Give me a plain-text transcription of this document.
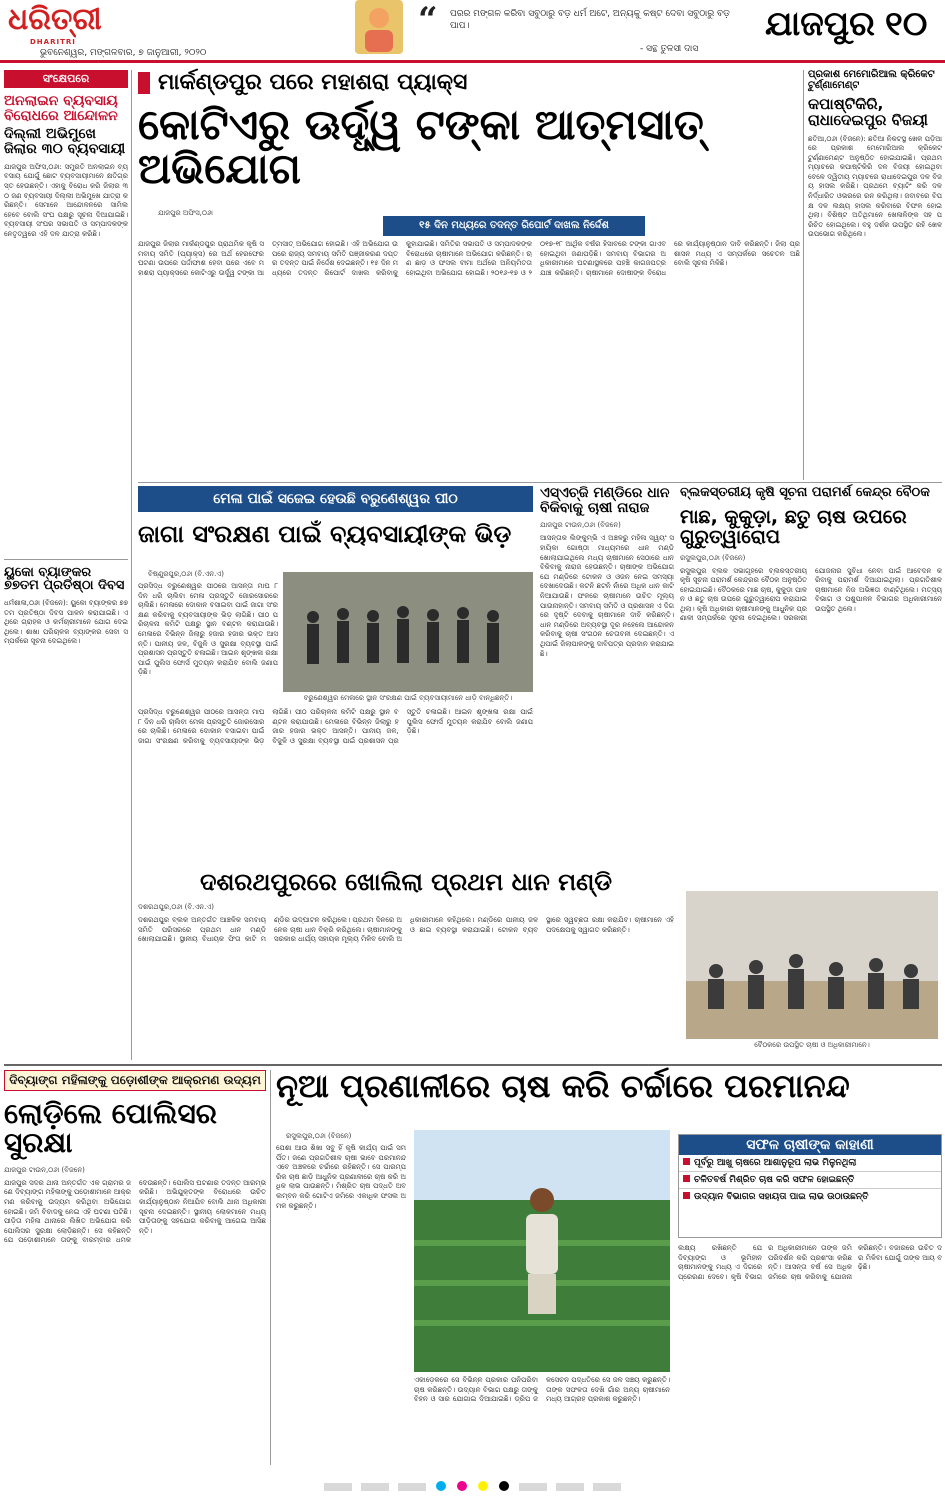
ଧରିତ୍ରୀ
DHARITRI
ଭୁବନେଶ୍ୱର, ମଙ୍ଗଳବାର, ୭ ଜାନୁଆରୀ, ୨୦୨୦
“ ପରର ମଙ୍ଗଳ କରିବା ସବୁଠାରୁ ବଡ଼ ଧର୍ମ ଅଟେ, ଅନ୍ୟକୁ କଷ୍ଟ ଦେବା ସବୁଠାରୁ ବଡ଼ ପାପ।
- ସନ୍ଥ ତୁଳସୀ ଦାସ
ଯାଜପୁର ୧୦
ସଂକ୍ଷେପରେ
ଅନଲାଇନ ବ୍ୟବସାୟ ବିରୋଧରେ ଆନ୍ଦୋଳନ
ଦିଲ୍ଲୀ ଅଭିମୁଖେ ଜିଲାର ୩୦ ବ୍ୟବସାୟୀ
ଯାଜପୁର ଅଫିସ,୦୬ା: ସମ୍ପ୍ରତି ଅନଲାଇନ ବ୍ୟବସାୟ ଯୋଗୁଁ ଛୋଟ ବ୍ୟବସାୟୀମାନେ କ୍ଷତିଗ୍ରସ୍ତ ହେଉଛନ୍ତି। ଏହାକୁ ବିରୋଧ କରି ଜିଲାର ୩୦ ଜଣ ବ୍ୟବସାୟୀ ଦିଲ୍ଲୀ ଅଭିମୁଖେ ଯାତ୍ରା କରିଛନ୍ତି। ସେମାନେ ଆନ୍ଦୋଳନରେ ସାମିଲ ହେବେ ବୋଲି ସଂଘ ପକ୍ଷରୁ ସୂଚନା ଦିଆଯାଇଛି। ବ୍ୟବସାୟୀ ସଂଘର ସଭାପତି ଓ ସମ୍ପାଦକଙ୍କ ନେତୃତ୍ୱରେ ଏହି ଦଳ ଯାତ୍ରା କରିଛି।
ୟୁକୋ ବ୍ୟାଙ୍କର ୭୭ତମ ପ୍ରତିଷ୍ଠା ଦିବସ
ଧର୍ମଶାଳା,୦୬ା (ବିଜନେ): ୟୁକୋ ବ୍ୟାଙ୍କର ୭୭ତମ ପ୍ରତିଷ୍ଠା ଦିବସ ପାଳନ କରାଯାଇଛି। ଏଥିରେ ଗ୍ରାହକ ଓ କର୍ମଚାରୀମାନେ ଯୋଗ ଦେଇଥିଲେ। ଶାଖା ପରିଚାଳକ ବ୍ୟାଙ୍କର ସେବା ସମ୍ପର୍କରେ ସୂଚନା ଦେଇଥିଲେ।
ମାର୍କଣ୍ଡପୁର ପରେ ମହାଶରା ପ୍ୟାକ୍ସ
କୋଟିଏରୁ ଊର୍ଦ୍ଧ୍ୱ ଟଙ୍କା ଆତ୍ମସାତ୍ ଅଭିଯୋଗ
ଯାଜପୁର ଅଫିସ,୦୬ା
୧୫ ଦିନ ମଧ୍ୟରେ ତଦନ୍ତ ରିପୋର୍ଟ ଦାଖଲ ନିର୍ଦ୍ଦେଶ
ଯାଜପୁର ଜିଲାର ମାର୍କଣ୍ଡପୁର ପ୍ରାଥମିକ କୃଷି ସମବାୟ ସମିତି (ପ୍ୟାକ୍ସ) ରେ ଅର୍ଥ ହେରଫେର ଘଟଣା ଉପରେ ପର୍ଦ୍ଦାଫାଶ ହେବା ପରେ ଏବେ ମହାଶରା ପ୍ୟାକ୍ସରେ କୋଟିଏରୁ ଊର୍ଦ୍ଧ୍ୱ ଟଙ୍କା ଆତ୍ମସାତ୍ ଅଭିଯୋଗ ହୋଇଛି। ଏହି ଅଭିଯୋଗ ଉପରେ ରାଜ୍ୟ ସମବାୟ ସମିତି ପଞ୍ଜୀକରଣ ଦପ୍ତର ତଦନ୍ତ ପାଇଁ ନିର୍ଦ୍ଦେଶ ଦେଇଛନ୍ତି। ୧୫ ଦିନ ମଧ୍ୟରେ ତଦନ୍ତ ରିପୋର୍ଟ ଦାଖଲ କରିବାକୁ କୁହାଯାଇଛି। ସମିତିର ସଭାପତି ଓ ସମ୍ପାଦକଙ୍କ ବିରୋଧରେ ଚାଷୀମାନେ ଅଭିଯୋଗ କରିଛନ୍ତି। ଋଣ ଛାଡ଼ ଓ ଫସଲ ବୀମା ଅର୍ଥରେ ଅନିୟମିତତା ହୋଇଥିବା ଅଭିଯୋଗ ହୋଇଛି। ୨୦୧୬-୧୭ ଓ ୨୦୧୭-୧୮ ଆର୍ଥିକ ବର୍ଷର ହିସାବରେ ଟଙ୍କା ଗାଏବ ହୋଇଥିବା ଜଣାପଡ଼ିଛି। ସମବାୟ ବିଭାଗର ଅଧିକାରୀମାନେ ଘଟଣାସ୍ଥଳରେ ପହଞ୍ଚି କାଗଜପତ୍ର ଯାଞ୍ଚ କରିଛନ୍ତି। ଚାଷୀମାନେ ଦୋଷୀଙ୍କ ବିରୋଧରେ କାର୍ଯ୍ୟାନୁଷ୍ଠାନ ଦାବି କରିଛନ୍ତି। ଜିଲା ପ୍ରଶାସନ ମଧ୍ୟ ଏ ସମ୍ପର୍କରେ ସଚେତନ ଅଛି ବୋଲି ସୂଚନା ମିଳିଛି।
ପ୍ରକାଶ ମେମୋରିଆଲ କ୍ରିକେଟ ଟୁର୍ଣ୍ଣାମେଣ୍ଟ
କପାଷ୍ଟିକିରି, ରାଧାଦେଇପୁର ବିଜୟୀ
ଛତିଆ,୦୬ା (ବିଜନେ): ଛତିଆ ନିକଟସ୍ଥ ଖେଳ ପଡ଼ିଆରେ ପ୍ରକାଶ ମେମୋରିଆଲ କ୍ରିକେଟ ଟୁର୍ଣ୍ଣାମେଣ୍ଟ ଅନୁଷ୍ଠିତ ହୋଇଯାଇଛି। ପ୍ରଥମ ମ୍ୟାଚରେ କପାଷ୍ଟିକିରି ଦଳ ବିଜୟୀ ହୋଇଥିବା ବେଳେ ଦ୍ୱିତୀୟ ମ୍ୟାଚରେ ରାଧାଦେଇପୁର ଦଳ ବିଜୟ ହାସଲ କରିଛି। ପ୍ରଥମେ ବ୍ୟାଟିଂ କରି ଦଳ ନିର୍ଦ୍ଧାରିତ ଓଭରରେ ରନ କରିଥିଲା। ଜବାବରେ ବିପକ୍ଷ ଦଳ ଲକ୍ଷ୍ୟ ହାସଲ କରିବାରେ ବିଫଳ ହୋଇଥିଲା। ବିଶିଷ୍ଟ ଅତିଥିମାନେ ଖେଳାଳିଙ୍କ ସହ ପରିଚିତ ହୋଇଥିଲେ। ବହୁ ଦର୍ଶକ ଉପସ୍ଥିତ ରହି ଖେଳ ଉପଭୋଗ କରିଥିଲେ।
ମେଳା ପାଇଁ ସଜେଇ ହେଉଛି ବରୁଣେଶ୍ୱର ପୀଠ
ଜାଗା ସଂରକ୍ଷଣ ପାଇଁ ବ୍ୟବସାୟୀଙ୍କ ଭିଡ଼
ବିଷ୍ଣୁରପୁର,୦୬ା (ବି.ଏନ.ଏ)
ପ୍ରସିଦ୍ଧ ବରୁଣେଶ୍ୱର ପୀଠରେ ଆସନ୍ତା ମାଘ ୮ ଦିନ ଧରି ଚାଲିବା ମେଳା ପ୍ରସ୍ତୁତି ଜୋରସୋରରେ ଚାଲିଛି। ମେଳାରେ ଦୋକାନ ବସାଇବା ପାଇଁ ଜାଗା ସଂରକ୍ଷଣ କରିବାକୁ ବ୍ୟବସାୟୀଙ୍କ ଭିଡ଼ ଲାଗିଛି। ପୀଠ ପରିଚାଳନା କମିଟି ପକ୍ଷରୁ ସ୍ଥାନ ବଣ୍ଟନ କରାଯାଉଛି। ମେଳାରେ ବିଭିନ୍ନ ଜିଲାରୁ ହଜାର ହଜାର ଭକ୍ତ ଆସନ୍ତି। ପାନୀୟ ଜଳ, ବିଜୁଳି ଓ ସୁରକ୍ଷା ବ୍ୟବସ୍ଥା ପାଇଁ ପ୍ରଶାସନ ପ୍ରସ୍ତୁତି ଚଳାଇଛି। ଆଇନ ଶୃଙ୍ଖଳା ରକ୍ଷା ପାଇଁ ପୁଲିସ ଫୋର୍ସ ମୁତୟନ କରାଯିବ ବୋଲି ଜଣାପଡ଼ିଛି।
ବରୁଣେଶ୍ୱର ମେଳାରେ ସ୍ଥାନ ସଂରକ୍ଷଣ ପାଇଁ ବ୍ୟବସାୟୀମାନେ ଧାଡ଼ି ବାନ୍ଧିଛନ୍ତି।
ପ୍ରସିଦ୍ଧ ବରୁଣେଶ୍ୱର ପୀଠରେ ଆସନ୍ତା ମାଘ ୮ ଦିନ ଧରି ଚାଲିବା ମେଳା ପ୍ରସ୍ତୁତି ଜୋରସୋରରେ ଚାଲିଛି। ମେଳାରେ ଦୋକାନ ବସାଇବା ପାଇଁ ଜାଗା ସଂରକ୍ଷଣ କରିବାକୁ ବ୍ୟବସାୟୀଙ୍କ ଭିଡ଼ ଲାଗିଛି। ପୀଠ ପରିଚାଳନା କମିଟି ପକ୍ଷରୁ ସ୍ଥାନ ବଣ୍ଟନ କରାଯାଉଛି। ମେଳାରେ ବିଭିନ୍ନ ଜିଲାରୁ ହଜାର ହଜାର ଭକ୍ତ ଆସନ୍ତି। ପାନୀୟ ଜଳ, ବିଜୁଳି ଓ ସୁରକ୍ଷା ବ୍ୟବସ୍ଥା ପାଇଁ ପ୍ରଶାସନ ପ୍ରସ୍ତୁତି ଚଳାଇଛି। ଆଇନ ଶୃଙ୍ଖଳା ରକ୍ଷା ପାଇଁ ପୁଲିସ ଫୋର୍ସ ମୁତୟନ କରାଯିବ ବୋଲି ଜଣାପଡ଼ିଛି।
ଏସ୍‌ଏଚ୍‌ଜି ମଣ୍ଡିରେ ଧାନ ବିକିବାକୁ ଚାଷୀ ନାରାଜ
ଯାଜପୁର ଟାଉନ,୦୬ା (ବିଜନେ)
ଆସନ୍ତାକ ଲିଙ୍କୁମ୍ଭି ଏ ଅଞ୍ଚଳରୁ ମହିଳା ସ୍ୱୟଂ ସହାୟିକା ଗୋଷ୍ଠୀ ମାଧ୍ୟମରେ ଧାନ ମଣ୍ଡି ଖୋଲାଯାଇଥିଲେ ମଧ୍ୟ ଚାଷୀମାନେ ସେଠାରେ ଧାନ ବିକିବାକୁ ନାରାଜ ହେଉଛନ୍ତି। ଚାଷୀଙ୍କ ଅଭିଯୋଗ ଯେ ମଣ୍ଡିରେ ଟୋକନ ଓ ଓଜନ ନେଇ ସମସ୍ୟା ଦେଖାଦେଉଛି। କଟନି ଛଟନି ନାଁରେ ଅଧିକ ଧାନ କାଟି ନିଆଯାଉଛି। ଫଳରେ ଚାଷୀମାନେ ଉଚିତ ମୂଲ୍ୟ ପାଉନାହାନ୍ତି। ସମବାୟ ସମିତି ଓ ପ୍ରଶାସନ ଏ ଦିଗରେ ଦୃଷ୍ଟି ଦେବାକୁ ଚାଷୀମାନେ ଦାବି କରିଛନ୍ତି। ଧାନ ମଣ୍ଡିରେ ଅବ୍ୟବସ୍ଥା ଦୂର ନହେଲେ ଆନ୍ଦୋଳନ କରିବାକୁ ଚାଷୀ ସଂଗଠନ ଚେତାବନୀ ଦେଇଛନ୍ତି। ଏଥିପାଇଁ ଜିଲାପାଳଙ୍କୁ ଦାବିପତ୍ର ପ୍ରଦାନ କରାଯାଇଛି।
ବ୍ଲକସ୍ତରୀୟ କୃଷି ସୂଚନା ପରାମର୍ଶ କେନ୍ଦ୍ର ବୈଠକ
ମାଛ, କୁକୁଡ଼ା, ଛତୁ ଚାଷ ଉପରେ ଗୁରୁତ୍ୱାରୋପ
ରସୁଲପୁର,୦୬ା (ବିଜନେ)
ରସୁଲପୁର ବ୍ଲକ ସଭାଗୃହରେ ବ୍ଲକସ୍ତରୀୟ କୃଷି ସୂଚନା ପରାମର୍ଶ କେନ୍ଦ୍ରର ବୈଠକ ଅନୁଷ୍ଠିତ ହୋଇଯାଇଛି। ବୈଠକରେ ମାଛ ଚାଷ, କୁକୁଡ଼ା ପାଳନ ଓ ଛତୁ ଚାଷ ଉପରେ ଗୁରୁତ୍ୱାରୋପ କରାଯାଇଥିଲା। କୃଷି ଅଧିକାରୀ ଚାଷୀମାନଙ୍କୁ ଆଧୁନିକ ପ୍ରଣାଳୀ ସମ୍ପର୍କରେ ସୂଚନା ଦେଇଥିଲେ। ସରକାରୀ ଯୋଜନାର ସୁବିଧା ନେବା ପାଇଁ ଆବେଦନ କରିବାକୁ ପରାମର୍ଶ ଦିଆଯାଇଥିଲା। ପ୍ରଗତିଶୀଳ ଚାଷୀମାନେ ନିଜ ଅଭିଜ୍ଞତା ବାଣ୍ଟିଥିଲେ। ମତ୍ସ୍ୟ ବିଭାଗ ଓ ପଶୁପାଳନ ବିଭାଗର ଅଧିକାରୀମାନେ ଉପସ୍ଥିତ ଥିଲେ।
ବୈଠକରେ ଉପସ୍ଥିତ ଚାଷୀ ଓ ଅଧିକାରୀମାନେ।
ଦଶରଥପୁରରେ ଖୋଲିଲା ପ୍ରଥମ ଧାନ ମଣ୍ଡି
ଦଶରଥପୁର,୦୬ା (ବି.ଏନ.ଏ)
ଦଶରଥପୁର ବ୍ଲକ ଅନ୍ତର୍ଗତ ଆଞ୍ଚଳିକ ସମବାୟ ସମିତି ପରିସରରେ ପ୍ରଥମ ଧାନ ମଣ୍ଡି ଖୋଲାଯାଇଛି। ସ୍ଥାନୀୟ ବିଧାୟକ ଫିତା କାଟି ମଣ୍ଡିର ଉଦ୍‌ଘାଟନ କରିଥିଲେ। ପ୍ରଥମ ଦିନରେ ଅନେକ ଚାଷୀ ଧାନ ବିକ୍ରି କରିଥିଲେ। ଚାଷୀମାନଙ୍କୁ ସରକାର ଧାର୍ଯ୍ୟ ସହାୟକ ମୂଲ୍ୟ ମିଳିବ ବୋଲି ଅଧିକାରୀମାନେ କହିଥିଲେ। ମଣ୍ଡିରେ ପାନୀୟ ଜଳ ଓ ଛାଇ ବ୍ୟବସ୍ଥା କରାଯାଇଛି। ଟୋକନ ବ୍ୟବସ୍ଥାରେ ସ୍ୱଚ୍ଛତା ରକ୍ଷା କରାଯିବ। ଚାଷୀମାନେ ଏହି ପଦକ୍ଷେପକୁ ସ୍ୱାଗତ କରିଛନ୍ତି।
ଦିବ୍ୟାଙ୍ଗ ମହିଳାଙ୍କୁ ପଡ଼ୋଶୀଙ୍କ ଆକ୍ରମଣ ଉଦ୍ୟମ
ଲୋଡ଼ିଲେ ପୋଲିସର ସୁରକ୍ଷା
ଯାଜପୁର ଟାଉନ,୦୬ା (ବିଜନେ)
ଯାଜପୁର ସଦର ଥାନା ଅନ୍ତର୍ଗତ ଏକ ଗ୍ରାମର ଜଣେ ଦିବ୍ୟାଙ୍ଗ ମହିଳାଙ୍କୁ ପଡ଼ୋଶୀମାନେ ଆକ୍ରମଣ କରିବାକୁ ଉଦ୍ୟମ କରିଥିବା ଅଭିଯୋଗ ହୋଇଛି। ଜମି ବିବାଦକୁ ନେଇ ଏହି ଘଟଣା ଘଟିଛି। ପୀଡ଼ିତା ମହିଳା ଥାନାରେ ଲିଖିତ ଅଭିଯୋଗ କରି ପୋଲିସର ସୁରକ୍ଷା ଲୋଡ଼ିଛନ୍ତି। ସେ କହିଛନ୍ତି ଯେ ପଡ଼ୋଶୀମାନେ ତାଙ୍କୁ ବାରମ୍ବାର ଧମକ ଦେଉଛନ୍ତି। ପୋଲିସ ଘଟଣାର ତଦନ୍ତ ଆରମ୍ଭ କରିଛି। ଅଭିଯୁକ୍ତଙ୍କ ବିରୋଧରେ ଉଚିତ କାର୍ଯ୍ୟାନୁଷ୍ଠାନ ନିଆଯିବ ବୋଲି ଥାନା ଅଧିକାରୀ ସୂଚନା ଦେଇଛନ୍ତି। ସ୍ଥାନୀୟ ଲୋକମାନେ ମଧ୍ୟ ପୀଡ଼ିତାଙ୍କୁ ସହଯୋଗ କରିବାକୁ ଆଗେଇ ଆସିଛନ୍ତି।
ନୂଆ ପ୍ରଣାଳୀରେ ଚାଷ କରି ଚର୍ଚ୍ଚାରେ ପରମାନନ୍ଦ
ରସୁଲପୁର,୦୬ା (ବିଜନେ)
ପେଶା ଆଉ ଶିଖା ସବୁ ହିଁ କୃଷି କାର୍ଯ୍ୟ ପାଇଁ ସମର୍ପିତ। ଜଣେ ପ୍ରଗତିଶୀଳ ଚାଷୀ ଭାବେ ପରମାନନ୍ଦ ଏବେ ଅଞ୍ଚଳରେ ଚର୍ଚ୍ଚାରେ ରହିଛନ୍ତି। ସେ ପାରମ୍ପରିକ ଚାଷ ଛାଡ଼ି ଆଧୁନିକ ପ୍ରଣାଳୀରେ ଚାଷ କରି ଅଧିକ ଲାଭ ପାଉଛନ୍ତି। ମିଶ୍ରିତ ଚାଷ ପଦ୍ଧତି ଅବଲମ୍ବନ କରି ଗୋଟିଏ ଜମିରେ ଏକାଧିକ ଫସଲ ଅମଳ କରୁଛନ୍ତି।
ଏକାଡ଼େକରେ ସେ ବିଭିନ୍ନ ପ୍ରକାର ପନିପରିବା ଚାଷ କରିଛନ୍ତି। ଉଦ୍ୟାନ ବିଭାଗ ପକ୍ଷରୁ ତାଙ୍କୁ ବିହନ ଓ ସାର ଯୋଗାଇ ଦିଆଯାଇଛି। ଡ୍ରିପ ଜଳସେଚନ ପଦ୍ଧତିରେ ସେ ଜଳ ସଞ୍ଚୟ କରୁଛନ୍ତି। ତାଙ୍କ ସଫଳତା ଦେଖି ଗାଁର ଅନ୍ୟ ଚାଷୀମାନେ ମଧ୍ୟ ଆଗ୍ରହ ପ୍ରକାଶ କରୁଛନ୍ତି।
ସଫଳ ଚାଷୀଙ୍କ କାହାଣୀ
ପୂର୍ବରୁ ଆଖୁ ଚାଷରେ ଆଶାନୁରୂପ ଲାଭ ମିଳୁନଥିଲା
ଚଳିତବର୍ଷ ମିଶ୍ରିତ ଚାଷ କରି ସଫଳ ହୋଇଛନ୍ତି
ଉଦ୍ୟାନ ବିଭାଗର ସହାୟତା ପାଇ ଲାଭ ଉଠାଉଛନ୍ତି
ଲକ୍ଷ୍ୟ ରଖିଛନ୍ତି ଯେ ଦିବ୍ୟାଙ୍ଗ ଓ ଭୂମିହୀନ ଚାଷୀମାନଙ୍କୁ ମଧ୍ୟ ଏ ଦିଗରେ ପ୍ରେରଣା ଦେବେ। କୃଷି ବିଭାଗର ଅଧିକାରୀମାନେ ତାଙ୍କ ଜମି ପରିଦର୍ଶନ କରି ପ୍ରଶଂସା କରିଛନ୍ତି। ଆସନ୍ତା ବର୍ଷ ସେ ଅଧିକ ଜମିରେ ଚାଷ କରିବାକୁ ଯୋଜନା କରିଛନ୍ତି। ବଜାରରେ ଉଚିତ ଦର ମିଳିବା ଯୋଗୁଁ ତାଙ୍କ ଆୟ ବଢ଼ିଛି।
